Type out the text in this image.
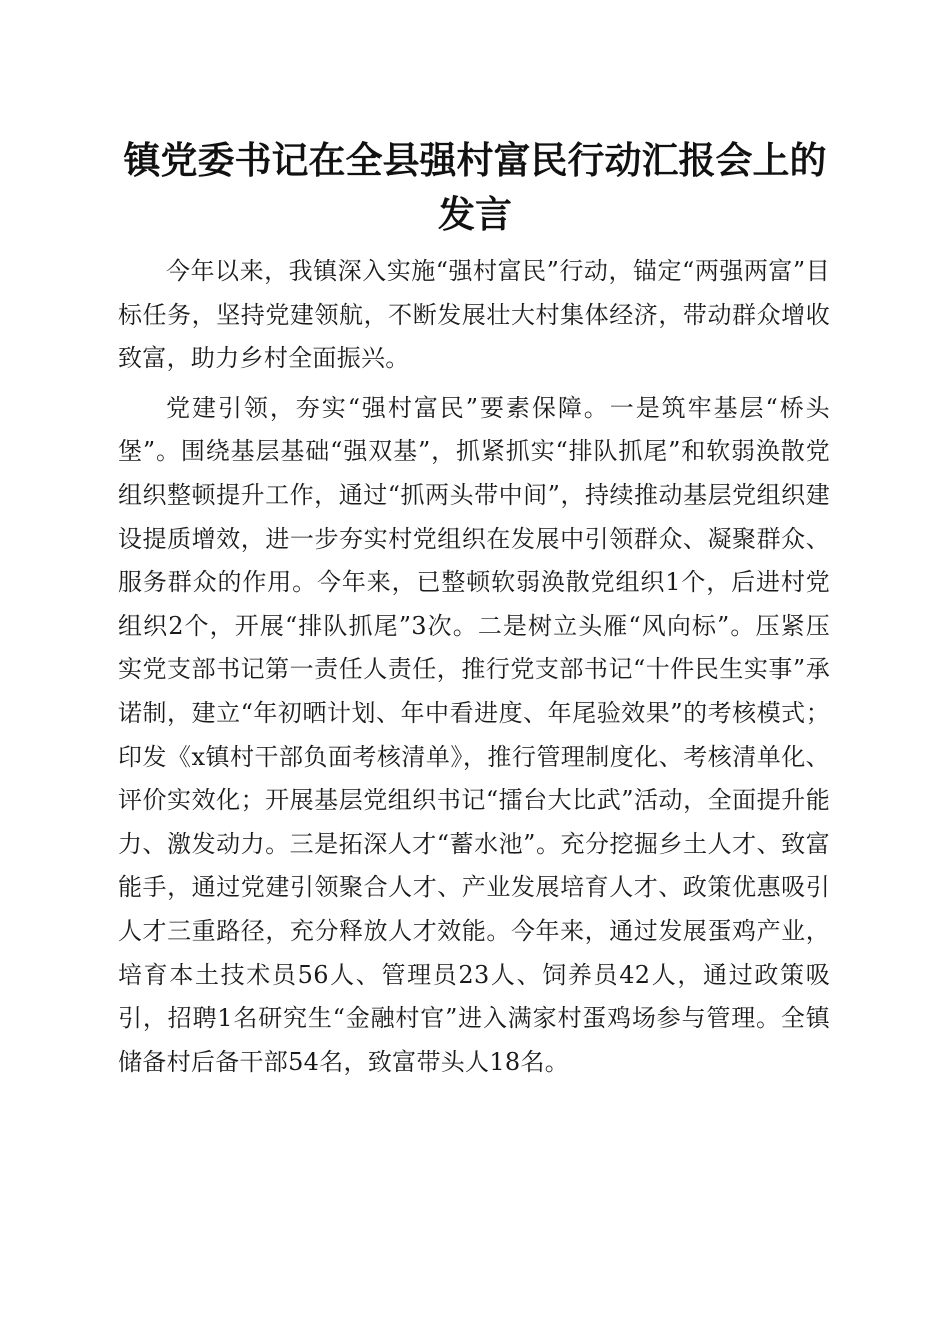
镇党委书记在全县强村富民行动汇报会上的发言

今年以来，我镇深入实施“强村富民”行动，锚定“两强两富”目标任务，坚持党建领航，不断发展壮大村集体经济，带动群众增收致富，助力乡村全面振兴。

党建引领，夯实“强村富民”要素保障。一是筑牢基层“桥头堡”。围绕基层基础“强双基”，抓紧抓实“排队抓尾”和软弱涣散党组织整顿提升工作，通过“抓两头带中间”，持续推动基层党组织建设提质增效，进一步夯实村党组织在发展中引领群众、凝聚群众、服务群众的作用。今年来，已整顿软弱涣散党组织1个，后进村党组织2个，开展“排队抓尾”3次。二是树立头雁“风向标”。压紧压实党支部书记第一责任人责任，推行党支部书记“十件民生实事”承诺制，建立“年初晒计划、年中看进度、年尾验效果”的考核模式；印发《x镇村干部负面考核清单》，推行管理制度化、考核清单化、评价实效化；开展基层党组织书记“擂台大比武”活动，全面提升能力、激发动力。三是拓深人才“蓄水池”。充分挖掘乡土人才、致富能手，通过党建引领聚合人才、产业发展培育人才、政策优惠吸引人才三重路径，充分释放人才效能。今年来，通过发展蛋鸡产业，培育本土技术员56人、管理员23人、饲养员42人，通过政策吸引，招聘1名研究生“金融村官”进入满家村蛋鸡场参与管理。全镇储备村后备干部54名，致富带头人18名。
